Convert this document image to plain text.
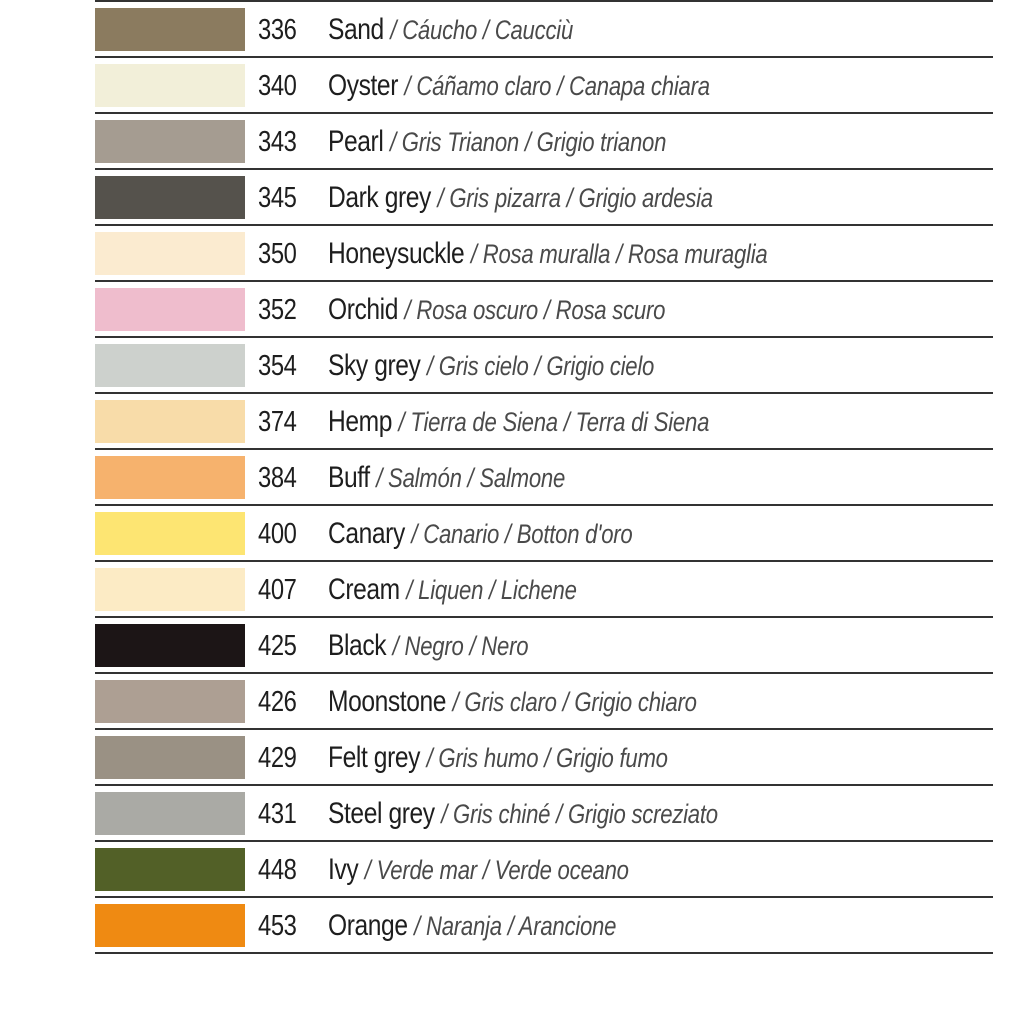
336 Sand / Cáucho / Caucciù
340 Oyster / Cáñamo claro / Canapa chiara
343 Pearl / Gris Trianon / Grigio trianon
345 Dark grey / Gris pizarra / Grigio ardesia
350 Honeysuckle / Rosa muralla / Rosa muraglia
352 Orchid / Rosa oscuro / Rosa scuro
354 Sky grey / Gris cielo / Grigio cielo
374 Hemp / Tierra de Siena / Terra di Siena
384 Buff / Salmón / Salmone
400 Canary / Canario / Botton d'oro
407 Cream / Liquen / Lichene
425 Black / Negro / Nero
426 Moonstone / Gris claro / Grigio chiaro
429 Felt grey / Gris humo / Grigio fumo
431 Steel grey / Gris chiné / Grigio screziato
448 Ivy / Verde mar / Verde oceano
453 Orange / Naranja / Arancione
